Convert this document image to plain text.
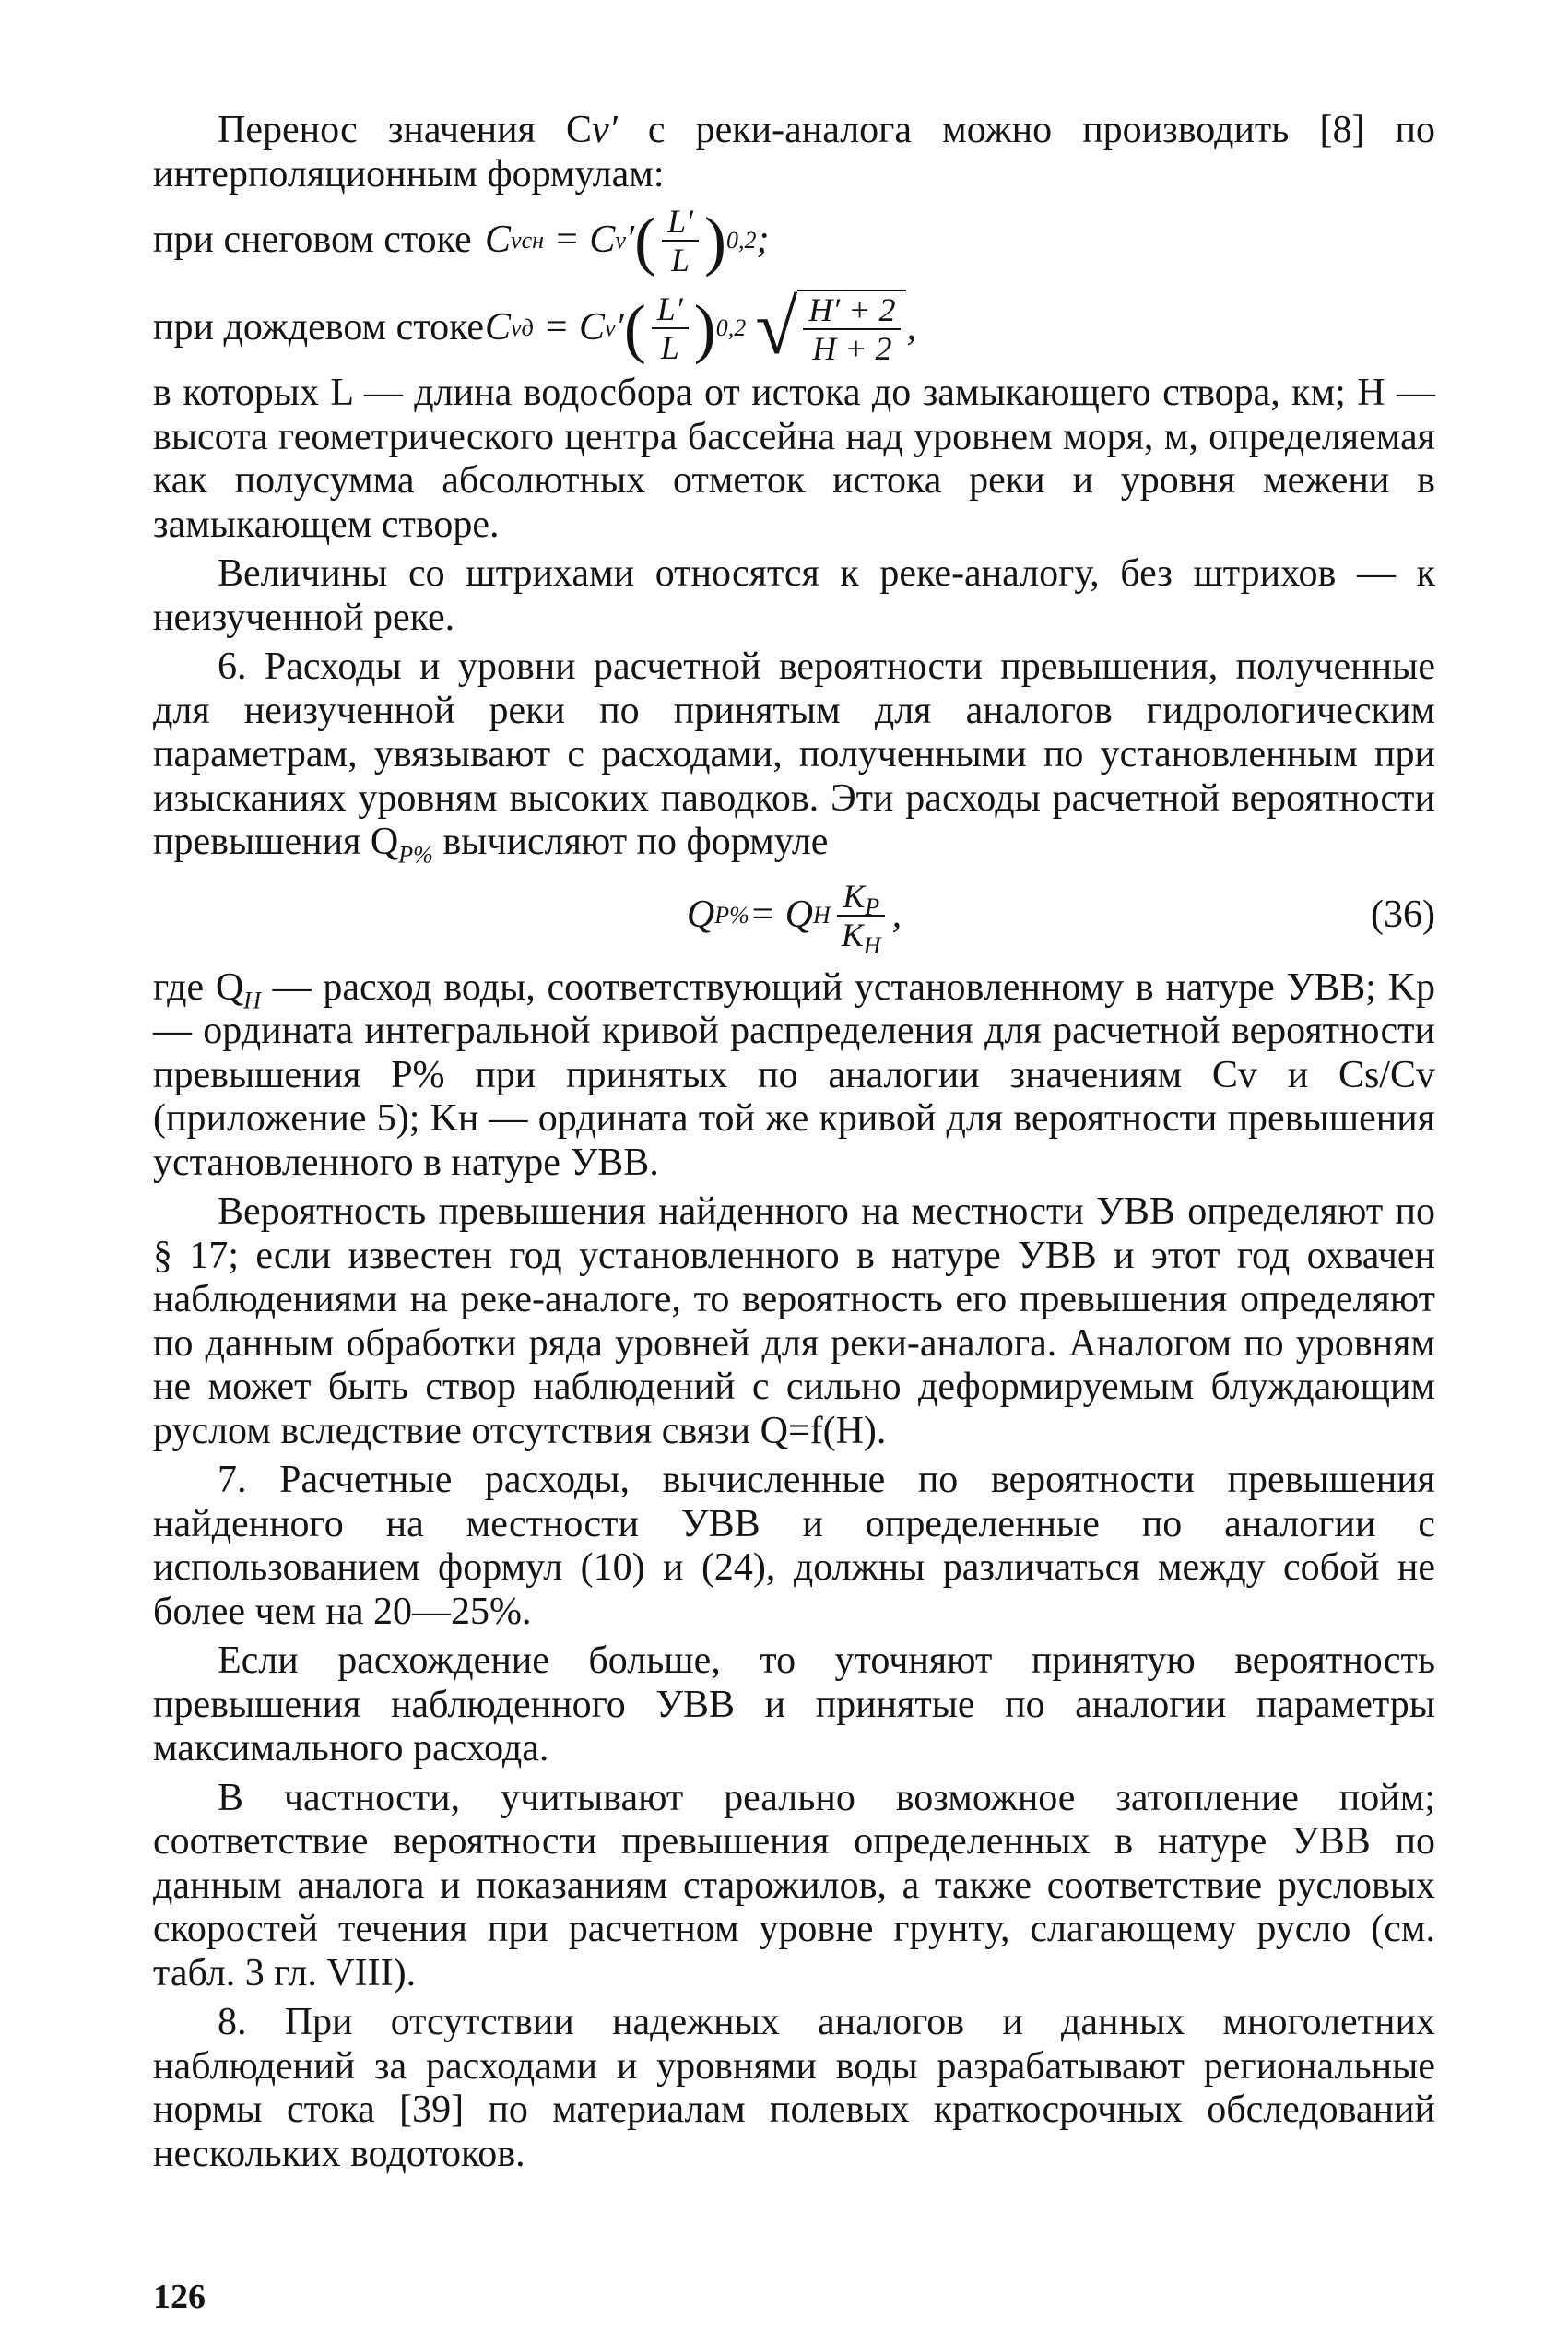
Перенос значения Cv′ с реки-аналога можно производить [8] по интерполяционным формулам:

при снеговом стоке C v сн = C v ′ ( $\frac{L'}{L}$ ) 0,2 ;
при дождевом стоке C v д = C v ′ ( $\frac{L'}{L}$ ) 0,2 √ $\frac{H' + 2}{H + 2}$ ,

в которых L — длина водосбора от истока до замыкающего створа, км; H — высота геометрического центра бассейна над уровнем моря, м, определяемая как полусумма абсолютных отметок истока реки и уровня межени в замыкающем створе.

Величины со штрихами относятся к реке-аналогу, без штрихов — к неизученной реке.

6. Расходы и уровни расчетной вероятности превышения, полученные для неизученной реки по принятым для аналогов гидрологическим параметрам, увязывают с расходами, полученными по установленным при изысканиях уровням высоких паводков. Эти расходы расчетной вероятности превышения $Q_{P\%}$ вычисляют по формуле

Q P% = Q H $\frac{K_P}{K_H}$ ,	(36)

где $Q_H$ — расход воды, соответствующий установленному в натуре УВВ; Kр — ордината интегральной кривой распределения для расчетной вероятности превышения P% при принятых по аналогии значениям Cv и Cs/Cv (приложение 5); Kн — ордината той же кривой для вероятности превышения установленного в натуре УВВ.

Вероятность превышения найденного на местности УВВ определяют по § 17; если известен год установленного в натуре УВВ и этот год охвачен наблюдениями на реке-аналоге, то вероятность его превышения определяют по данным обработки ряда уровней для реки-аналога. Аналогом по уровням не может быть створ наблюдений с сильно деформируемым блуждающим руслом вследствие отсутствия связи Q=f(H).

7. Расчетные расходы, вычисленные по вероятности превышения найденного на местности УВВ и определенные по аналогии с использованием формул (10) и (24), должны различаться между собой не более чем на 20—25%.

Если расхождение больше, то уточняют принятую вероятность превышения наблюденного УВВ и принятые по аналогии параметры максимального расхода.

В частности, учитывают реально возможное затопление пойм; соответствие вероятности превышения определенных в натуре УВВ по данным аналога и показаниям старожилов, а также соответствие русловых скоростей течения при расчетном уровне грунту, слагающему русло (см. табл. 3 гл. VIII).

8. При отсутствии надежных аналогов и данных многолетних наблюдений за расходами и уровнями воды разрабатывают региональные нормы стока [39] по материалам полевых краткосрочных обследований нескольких водотоков.

126
